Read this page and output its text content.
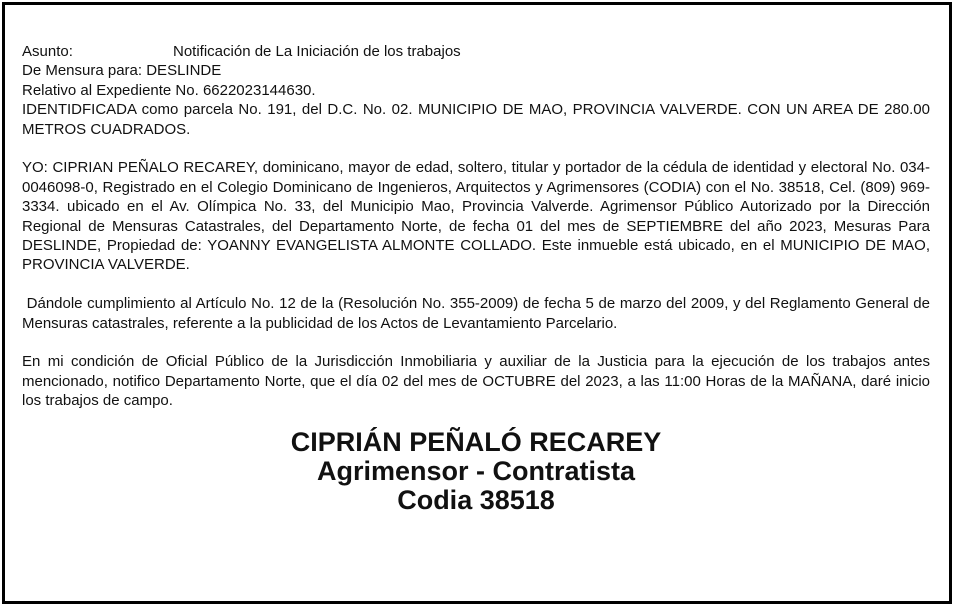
Asunto:	Notificación de La Iniciación de los trabajos
De Mensura para: DESLINDE
Relativo al Expediente No. 6622023144630.
IDENTIDFICADA como parcela No. 191, del D.C. No. 02. MUNICIPIO DE MAO, PROVINCIA VALVERDE. CON UN AREA DE 280.00 METROS CUADRADOS.
YO: CIPRIAN PEÑALO RECAREY, dominicano, mayor de edad, soltero, titular y portador de la cédula de identidad y electoral No. 034-0046098-0, Registrado en el Colegio Dominicano de Ingenieros, Arquitectos y Agrimensores (CODIA) con el No. 38518, Cel. (809) 969-3334. ubicado en el Av. Olímpica No. 33, del Municipio Mao, Provincia Valverde. Agrimensor Público Autorizado por la Dirección Regional de Mensuras Catastrales, del Departamento Norte, de fecha 01 del mes de SEPTIEMBRE del año 2023, Mesuras Para DESLINDE, Propiedad de: YOANNY EVANGELISTA ALMONTE COLLADO. Este inmueble está ubicado, en el MUNICIPIO DE MAO, PROVINCIA VALVERDE.
Dándole cumplimiento al Artículo No. 12 de la (Resolución No. 355-2009) de fecha 5 de marzo del 2009, y del Reglamento General de Mensuras catastrales, referente a la publicidad de los Actos de Levantamiento Parcelario.
En mi condición de Oficial Público de la Jurisdicción Inmobiliaria y auxiliar de la Justicia para la ejecución de los trabajos antes mencionado, notifico Departamento Norte, que el día 02 del mes de OCTUBRE del 2023, a las 11:00 Horas de la MAÑANA, daré inicio los trabajos de campo.
CIPRIÁN PEÑALÓ RECAREY
Agrimensor - Contratista
Codia 38518
